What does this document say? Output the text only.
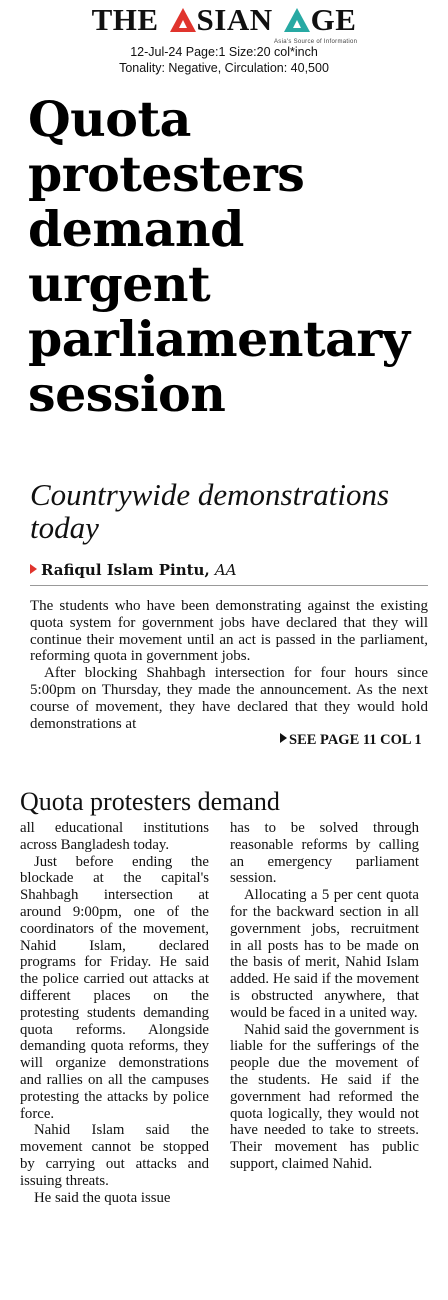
THE SIAN GE
Asia's Source of Information
12-Jul-24 Page:1 Size:20 col*inch
Tonality: Negative, Circulation: 40,500
Quota protesters demand urgent parliamentary session
Countrywide demonstrations today
Rafiqul Islam Pintu, AA

The students who have been demonstrating against the existing quota system for government jobs have declared that they will continue their movement until an act is passed in the parliament, reforming quota in government jobs.

After blocking Shahbagh intersection for four hours since 5:00pm on Thursday, they made the announcement. As the next course of movement, they have declared that they would hold demonstrations at

SEE PAGE 11 COL 1
Quota protesters demand

all educational institutions across Bangladesh today.

Just before ending the blockade at the capital's Shahbagh intersection at around 9:00pm, one of the coordinators of the movement, Nahid Islam, declared programs for Friday. He said the police carried out attacks at different places on the protesting students demanding quota reforms. Alongside demanding quota reforms, they will organize demonstrations and rallies on all the campuses protesting the attacks by police force.

Nahid Islam said the movement cannot be stopped by carrying out attacks and issuing threats.

He said the quota issue

has to be solved through reasonable reforms by calling an emergency parliament session.

Allocating a 5 per cent quota for the backward section in all government jobs, recruitment in all posts has to be made on the basis of merit, Nahid Islam added. He said if the movement is obstructed anywhere, that would be faced in a united way.

Nahid said the government is liable for the sufferings of the people due the movement of the students. He said if the government had reformed the quota logically, they would not have needed to take to streets. Their movement has public support, claimed Nahid.
